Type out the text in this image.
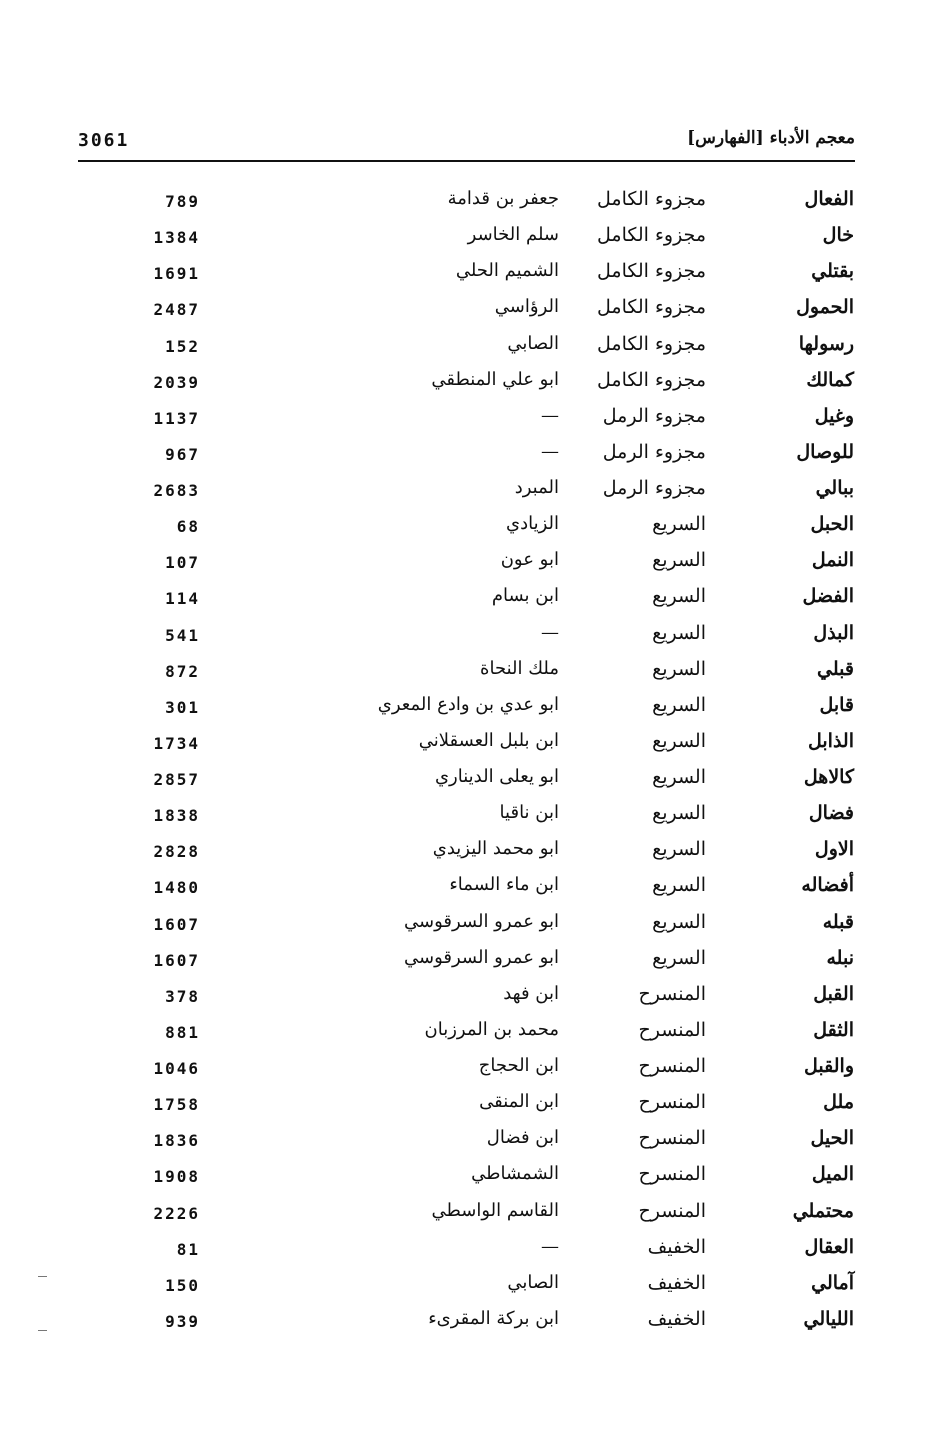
3061	معجم الأدباء [الفهارس]
الفعال
مجزوء الكامل
جعفر بن قدامة
789
خال
مجزوء الكامل
سلم الخاسر
1384
بقتلي
مجزوء الكامل
الشميم الحلي
1691
الحمول
مجزوء الكامل
الرؤاسي
2487
رسولها
مجزوء الكامل
الصابي
152
كمالك
مجزوء الكامل
ابو علي المنطقي
2039
وغيل
مجزوء الرمل
—
1137
للوصال
مجزوء الرمل
—
967
ببالي
مجزوء الرمل
المبرد
2683
الحبل
السريع
الزيادي
68
النمل
السريع
ابو عون
107
الفضل
السريع
ابن بسام
114
البذل
السريع
—
541
قبلي
السريع
ملك النحاة
872
قابل
السريع
ابو عدي بن وادع المعري
301
الذابل
السريع
ابن بلبل العسقلاني
1734
كالاهل
السريع
ابو يعلى الديناري
2857
فضال
السريع
ابن ناقيا
1838
الاول
السريع
ابو محمد اليزيدي
2828
أفضاله
السريع
ابن ماء السماء
1480
قبله
السريع
ابو عمرو السرقوسي
1607
نبله
السريع
ابو عمرو السرقوسي
1607
القبل
المنسرح
ابن فهد
378
الثقل
المنسرح
محمد بن المرزبان
881
والقبل
المنسرح
ابن الحجاج
1046
ملل
المنسرح
ابن المنقى
1758
الحيل
المنسرح
ابن فضال
1836
الميل
المنسرح
الشمشاطي
1908
محتملي
المنسرح
القاسم الواسطي
2226
العقال
الخفيف
—
81
آمالي
الخفيف
الصابي
150
الليالي
الخفيف
ابن بركة المقرىء
939
